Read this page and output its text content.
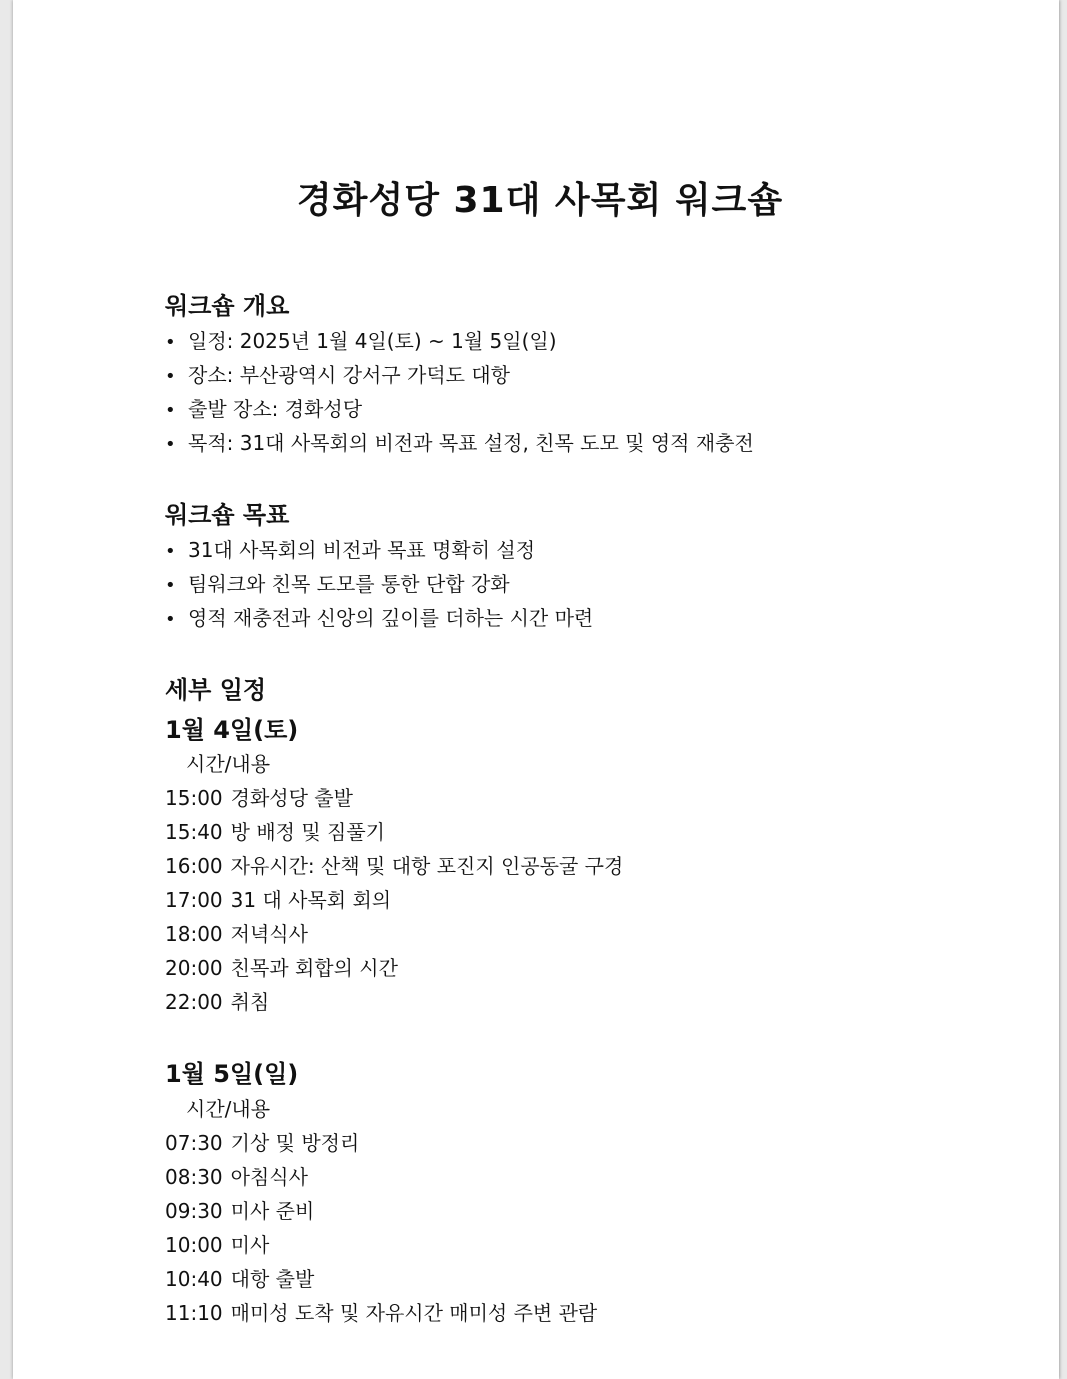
경화성당 31대 사목회 워크숍
워크숍 개요
• 일정: 2025년 1월 4일(토) ~ 1월 5일(일)
• 장소: 부산광역시 강서구 가덕도 대항
• 출발 장소: 경화성당
• 목적: 31대 사목회의 비전과 목표 설정, 친목 도모 및 영적 재충전
워크숍 목표
• 31대 사목회의 비전과 목표 명확히 설정
• 팀워크와 친목 도모를 통한 단합 강화
• 영적 재충전과 신앙의 깊이를 더하는 시간 마련
세부 일정
1월 4일(토)
시간/내용
15:00 경화성당 출발
15:40 방 배정 및 짐풀기
16:00 자유시간: 산책 및 대항 포진지 인공동굴 구경
17:00 31 대 사목회 회의
18:00 저녁식사
20:00 친목과 회합의 시간
22:00 취침
1월 5일(일)
시간/내용
07:30 기상 및 방정리
08:30 아침식사
09:30 미사 준비
10:00 미사
10:40 대항 출발
11:10 매미성 도착 및 자유시간 매미성 주변 관람
